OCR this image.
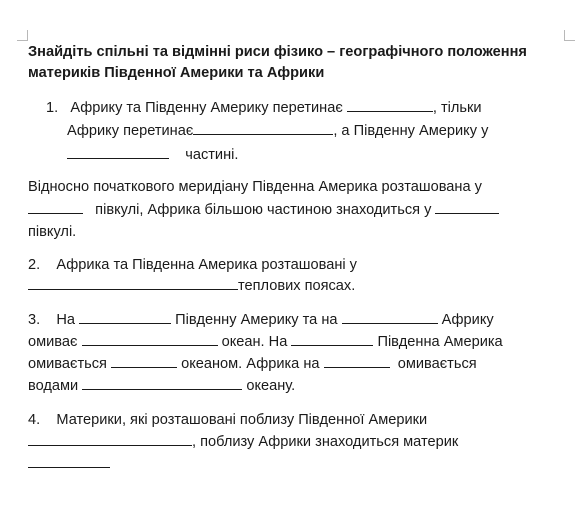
Знайдіть спільні та відмінні риси фізико – географічного положення
материків Південної Америки та Африки
1. Африку та Південну Америку перетинає	, тільки
Африку перетинає	, а Південну Америку у
частині.
Відносно початкового меридіану Південна Америка розташована у
півкулі, Африка більшою частиною знаходиться у
півкулі.
2. Африка та Південна Америка розташовані у
теплових поясах.
3. На	Південну Америку та на	Африку
омиває	океан. На	Південна Америка
омивається	океаном. Африка на	омивається
водами	океану.
4. Материки, які розташовані поблизу Південної Америки
, поблизу Африки знаходиться материк
